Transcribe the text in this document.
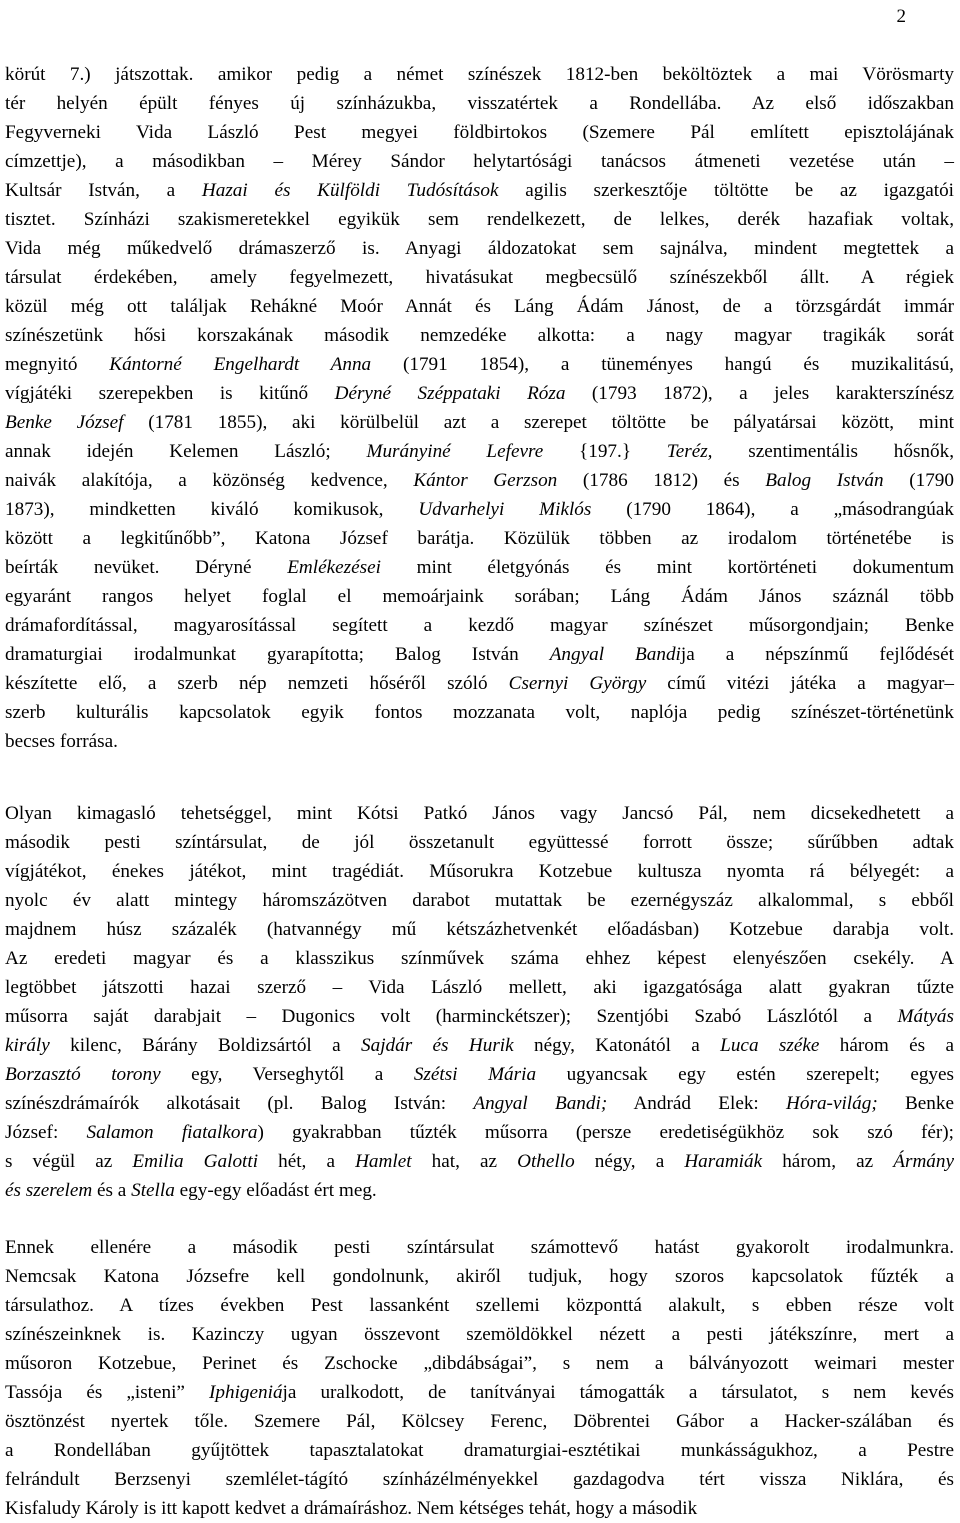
2
körút 7.) játszottak. amikor pedig a német színészek 1812-ben beköltöztek a mai Vörösmarty
tér helyén épült fényes új színházukba, visszatértek a Rondellába. Az első időszakban
Fegyverneki Vida László Pest megyei földbirtokos (Szemere Pál említett episztolájának
címzettje), a másodikban – Mérey Sándor helytartósági tanácsos átmeneti vezetése után –
Kultsár István, a Hazai és Külföldi Tudósítások agilis szerkesztője töltötte be az igazgatói
tisztet. Színházi szakismeretekkel egyikük sem rendelkezett, de lelkes, derék hazafiak voltak,
Vida még műkedvelő drámaszerző is. Anyagi áldozatokat sem sajnálva, mindent megtettek a
társulat érdekében, amely fegyelmezett, hivatásukat megbecsülő színészekből állt. A régiek
közül még ott találjak Rehákné Moór Annát és Láng Ádám Jánost, de a törzsgárdát immár
színészetünk hősi korszakának második nemzedéke alkotta: a nagy magyar tragikák sorát
megnyitó Kántorné Engelhardt Anna (1791 1854), a tüneményes hangú és muzikalitású,
vígjátéki szerepekben is kitűnő Déryné Széppataki Róza (1793 1872), a jeles karakterszínész
Benke József (1781 1855), aki körülbelül azt a szerepet töltötte be pályatársai között, mint
annak idején Kelemen László; Murányiné Lefevre {197.} Teréz, szentimentális hősnők,
naivák alakítója, a közönség kedvence, Kántor Gerzson (1786 1812) és Balog István (1790
1873), mindketten kiváló komikusok, Udvarhelyi Miklós (1790 1864), a „másodrangúak
között a legkitűnőbb”, Katona József barátja. Közülük többen az irodalom történetébe is
beírták nevüket. Déryné Emlékezései mint életgyónás és mint kortörténeti dokumentum
egyaránt rangos helyet foglal el memoárjaink sorában; Láng Ádám János száznál több
drámafordítással, magyarosítással segített a kezdő magyar színészet műsorgondjain; Benke
dramaturgiai irodalmunkat gyarapította; Balog István Angyal Bandija a népszínmű fejlődését
készítette elő, a szerb nép nemzeti hőséről szóló Csernyi György című vitézi játéka a magyar–
szerb kulturális kapcsolatok egyik fontos mozzanata volt, naplója pedig színészet-történetünk
becses forrása.
Olyan kimagasló tehetséggel, mint Kótsi Patkó János vagy Jancsó Pál, nem dicsekedhetett a
második pesti színtársulat, de jól összetanult együttessé forrott össze; sűrűbben adtak
vígjátékot, énekes játékot, mint tragédiát. Műsorukra Kotzebue kultusza nyomta rá bélyegét: a
nyolc év alatt mintegy háromszázötven darabot mutattak be ezernégyszáz alkalommal, s ebből
majdnem húsz százalék (hatvannégy mű kétszázhetvenkét előadásban) Kotzebue darabja volt.
Az eredeti magyar és a klasszikus színművek száma ehhez képest elenyészően csekély. A
legtöbbet játszotti hazai szerző – Vida László mellett, aki igazgatósága alatt gyakran tűzte
műsorra saját darabjait – Dugonics volt (harminckétszer); Szentjóbi Szabó Lászlótól a Mátyás
király kilenc, Bárány Boldizsártól a Sajdár és Hurik négy, Katonától a Luca széke három és a
Borzasztó torony egy, Verseghytől a Szétsi Mária ugyancsak egy estén szerepelt; egyes
színészdrámaírók alkotásait (pl. Balog István: Angyal Bandi; Andrád Elek: Hóra-világ; Benke
József: Salamon fiatalkora) gyakrabban tűzték műsorra (persze eredetiségükhöz sok szó fér);
s végül az Emilia Galotti hét, a Hamlet hat, az Othello négy, a Haramiák három, az Ármány
és szerelem és a Stella egy-egy előadást ért meg.
Ennek ellenére a második pesti színtársulat számottevő hatást gyakorolt irodalmunkra.
Nemcsak Katona Józsefre kell gondolnunk, akiről tudjuk, hogy szoros kapcsolatok fűzték a
társulathoz. A tízes években Pest lassanként szellemi központtá alakult, s ebben része volt
színészeinknek is. Kazinczy ugyan összevont szemöldökkel nézett a pesti játékszínre, mert a
műsoron Kotzebue, Perinet és Zschocke „dibdábságai”, s nem a bálványozott weimari mester
Tassója és „isteni” Iphigeniája uralkodott, de tanítványai támogatták a társulatot, s nem kevés
ösztönzést nyertek tőle. Szemere Pál, Kölcsey Ferenc, Döbrentei Gábor a Hacker-szálában és
a Rondellában gyűjtöttek tapasztalatokat dramaturgiai-esztétikai munkásságukhoz, a Pestre
felrándult Berzsenyi szemlélet-tágító színházélményekkel gazdagodva tért vissza Niklára, és
Kisfaludy Károly is itt kapott kedvet a drámaíráshoz. Nem kétséges tehát, hogy a második
